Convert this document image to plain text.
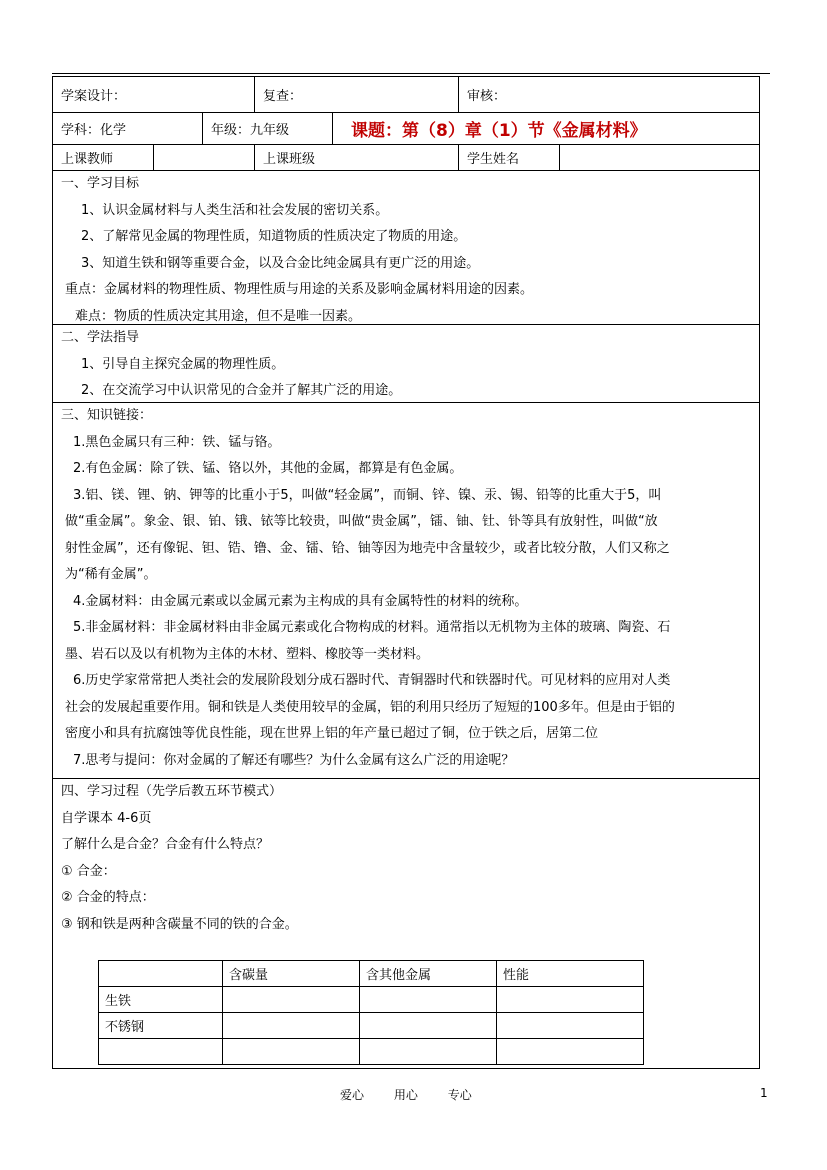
学案设计：	复查：	审核：
学科：化学	年级：九年级	课题：第（8）章（1）节《金属材料》
上课教师	上课班级	学生姓名

一、学习目标

1、认识金属材料与人类生活和社会发展的密切关系。

2、了解常见金属的物理性质，知道物质的性质决定了物质的用途。

3、知道生铁和钢等重要合金，以及合金比纯金属具有更广泛的用途。

重点：金属材料的物理性质、物理性质与用途的关系及影响金属材料用途的因素。

难点：物质的性质决定其用途，但不是唯一因素。

二、学法指导

1、引导自主探究金属的物理性质。

2、在交流学习中认识常见的合金并了解其广泛的用途。

三、知识链接：

1.黑色金属只有三种：铁、锰与铬。

2.有色金属：除了铁、锰、铬以外，其他的金属，都算是有色金属。

3.铝、镁、锂、钠、钾等的比重小于5，叫做“轻金属”，而铜、锌、镍、汞、锡、铅等的比重大于5，叫

做“重金属”。象金、银、铂、锇、铱等比较贵，叫做“贵金属”，镭、铀、钍、钋等具有放射性，叫做“放

射性金属”，还有像铌、钽、锆、镥、金、镭、铪、铀等因为地壳中含量较少，或者比较分散，人们又称之

为“稀有金属”。

4.金属材料：由金属元素或以金属元素为主构成的具有金属特性的材料的统称。

5.非金属材料：非金属材料由非金属元素或化合物构成的材料。通常指以无机物为主体的玻璃、陶瓷、石

墨、岩石以及以有机物为主体的木材、塑料、橡胶等一类材料。

6.历史学家常常把人类社会的发展阶段划分成石器时代、青铜器时代和铁器时代。可见材料的应用对人类

社会的发展起重要作用。铜和铁是人类使用较早的金属，铝的利用只经历了短短的100多年。但是由于铝的

密度小和具有抗腐蚀等优良性能，现在世界上铝的年产量已超过了铜，位于铁之后，居第二位

7.思考与提问：你对金属的了解还有哪些？为什么金属有这么广泛的用途呢？

四、学习过程（先学后教五环节模式）

自学课本 4-6页

了解什么是合金？合金有什么特点？

① 合金：

② 合金的特点：

③ 钢和铁是两种含碳量不同的铁的合金。

	含碳量	含其他金属	性能
生铁			
不锈钢			

爱心 用心 专心	1
